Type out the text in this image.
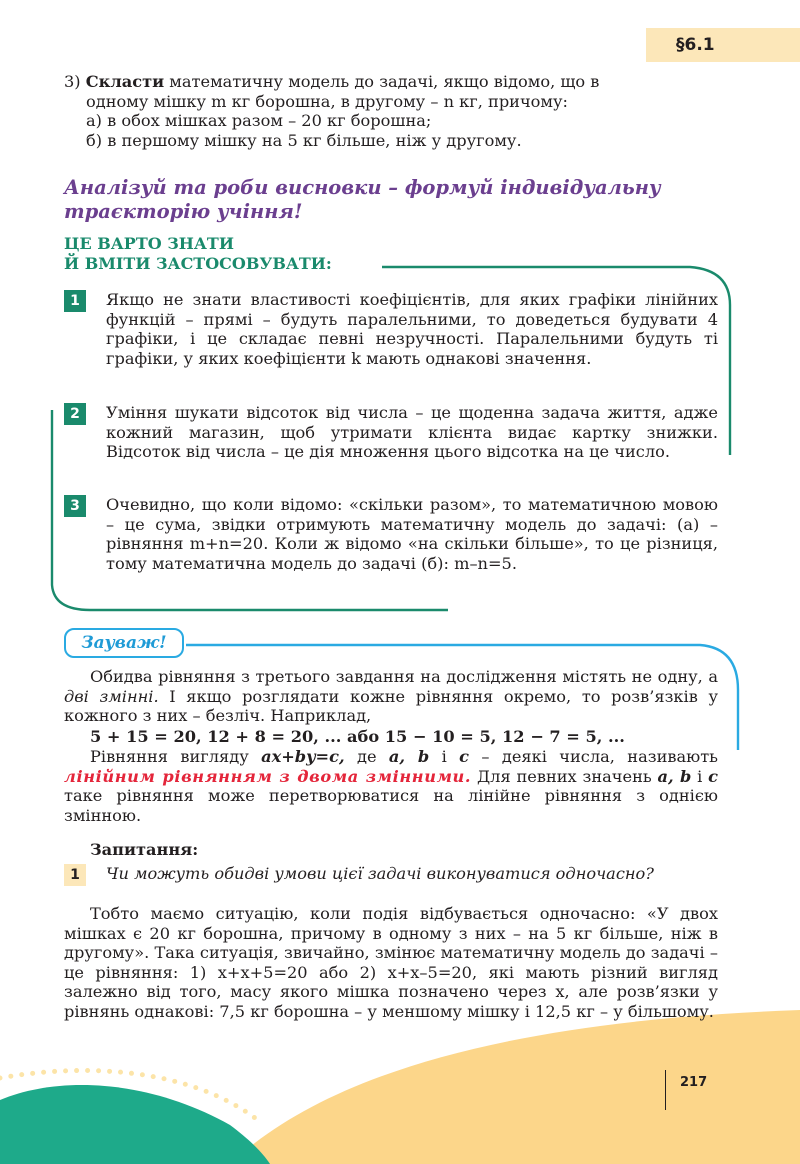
§6.1
3) Скласти математичну модель до задачі, якщо відомо, що в
одному мішку m кг борошна, в другому – n кг, причому:
а) в обох мішках разом – 20 кг борошна;
б) в першому мішку на 5 кг більше, ніж у другому.
Аналізуй та роби висновки – формуй індивідуальну траєкторію учіння!
ЦЕ ВАРТО ЗНАТИ
Й ВМІТИ ЗАСТОСОВУВАТИ:
1	Якщо не знати властивості коефіцієнтів, для яких графіки лінійних функцій – прямі – будуть паралельними, то доведеться будувати 4 графіки, і це складає певні незручності. Паралельними будуть ті графіки, у яких коефіцієнти k мають однакові значення.
2	Уміння шукати відсоток від числа – це щоденна задача життя, адже кожний магазин, щоб утримати клієнта видає картку знижки. Відсоток від числа – це дія множення цього відсотка на це число.
3	Очевидно, що коли відомо: «скільки разом», то математичною мовою – це сума, звідки отримують математичну модель до задачі: (а) – рівняння m+n=20. Коли ж відомо «на скільки більше», то це різниця, тому математична модель до задачі (б): m–n=5.
Зауваж!
Обидва рівняння з третього завдання на дослідження містять не одну, а дві змінні. І якщо розглядати кожне рівняння окремо, то розв’язків у кожного з них – безліч. Наприклад,
5 + 15 = 20, 12 + 8 = 20, ... або 15 − 10 = 5, 12 − 7 = 5, ...
Рівняння вигляду ax+by=c, де a, b і c – деякі числа, називають лінійним рівнянням з двома змінними. Для певних значень a, b і c таке рівняння може перетворюватися на лінійне рівняння з однією змінною.
Запитання:
1	Чи можуть обидві умови цієї задачі виконуватися одночасно?
Тобто маємо ситуацію, коли подія відбувається одночасно: «У двох мішках є 20 кг борошна, причому в одному з них – на 5 кг більше, ніж в другому». Така ситуація, звичайно, змінює математичну модель до задачі – це рівняння: 1) x+x+5=20 або 2) x+x–5=20, які мають різний вигляд залежно від того, масу якого мішка позначено через x, але розв’язки у рівнянь однакові: 7,5 кг борошна – у меншому мішку і 12,5 кг – у більшому.
217
